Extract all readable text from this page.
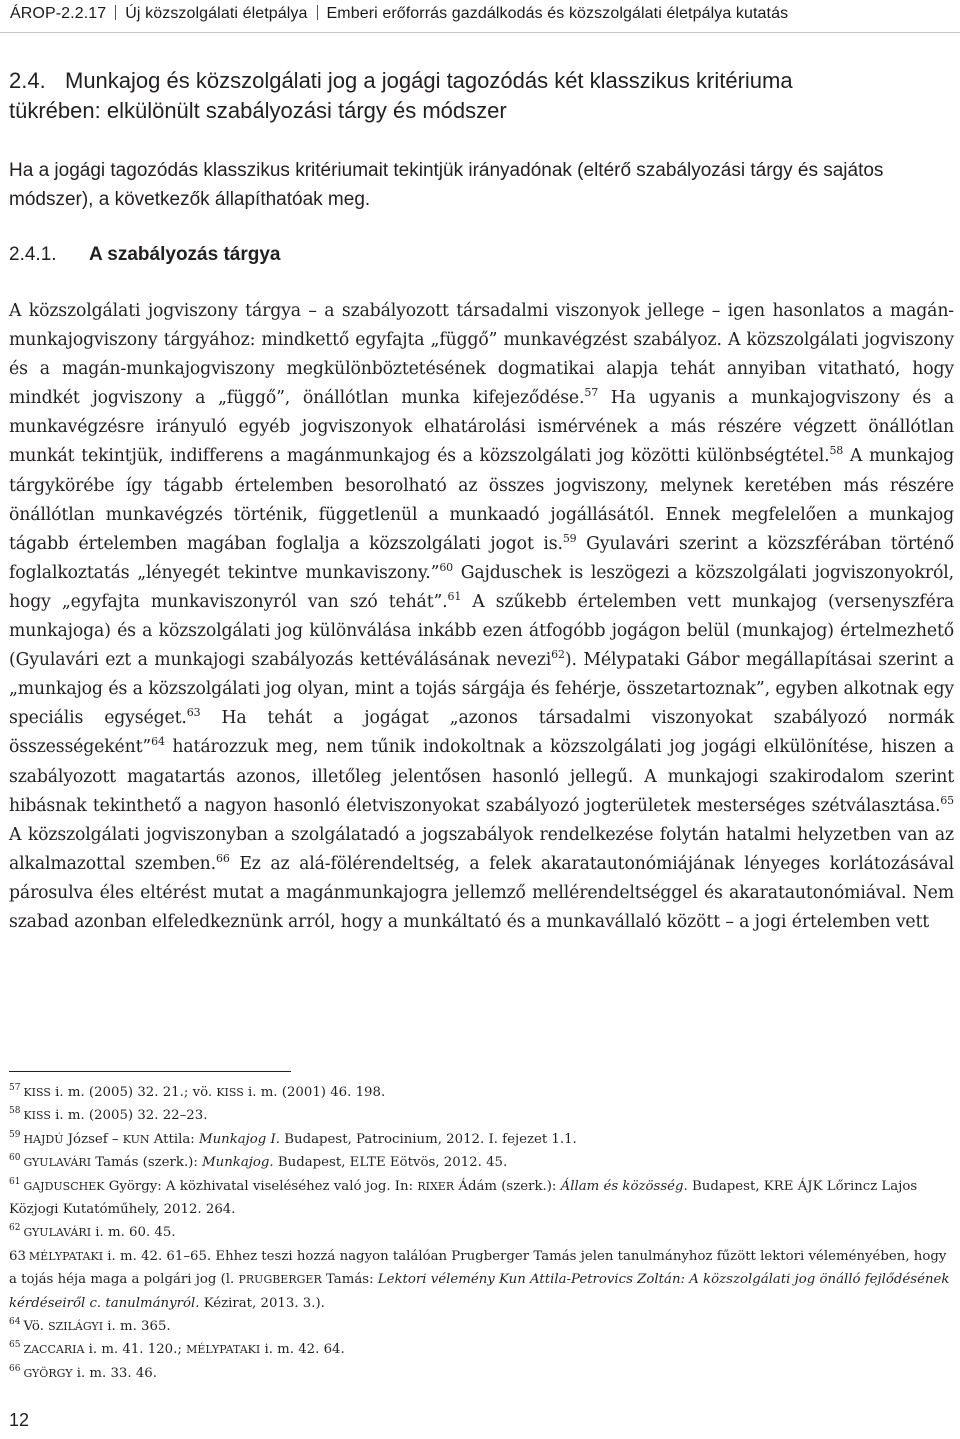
ÁROP-2.2.17 Új közszolgálati életpálya Emberi erőforrás gazdálkodás és közszolgálati életpálya kutatás
2.4. Munkajog és közszolgálati jog a jogági tagozódás két klasszikus kritériuma
tükrében: elkülönült szabályozási tárgy és módszer
Ha a jogági tagozódás klasszikus kritériumait tekintjük irányadónak (eltérő szabályozási tárgy és sajátos módszer), a következők állapíthatóak meg.
2.4.1. A szabályozás tárgya
A közszolgálati jogviszony tárgya – a szabályozott társadalmi viszonyok jellege – igen hasonlatos a magán-munkajogviszony tárgyához: mindkettő egyfajta „függő” munkavégzést szabályoz. A közszolgálati jogviszony és a magán-munkajogviszony megkülönböztetésének dogmatikai alapja tehát annyiban vitatható, hogy mindkét jogviszony a „függő”, önállótlan munka kifejeződése.$^{57}$ Ha ugyanis a munkajogviszony és a munkavégzésre irányuló egyéb jogviszonyok elhatárolási ismérvének a más részére végzett önállótlan munkát tekintjük, indifferens a magánmunkajog és a közszolgálati jog közötti különbségtétel.$^{58}$ A munkajog tárgykörébe így tágabb értelemben besorolható az összes jogviszony, melynek keretében más részére önállótlan munkavégzés történik, függetlenül a munkaadó jogállásától. Ennek megfelelően a munkajog tágabb értelemben magában foglalja a közszolgálati jogot is.$^{59}$ Gyulavári szerint a közszférában történő foglalkoztatás „lényegét tekintve munkaviszony.”$^{60}$ Gajduschek is leszögezi a közszolgálati jogviszonyokról, hogy „egyfajta munkaviszonyról van szó tehát”.$^{61}$ A szűkebb értelemben vett munkajog (versenyszféra munkajoga) és a közszolgálati jog különválása inkább ezen átfogóbb jogágon belül (munkajog) értelmezhető (Gyulavári ezt a munkajogi szabályozás kettéválásának nevezi$^{62}$). Mélypataki Gábor megállapításai szerint a „munkajog és a közszolgálati jog olyan, mint a tojás sárgája és fehérje, összetartoznak”, egyben alkotnak egy speciális egységet.$^{63}$ Ha tehát a jogágat „azonos társadalmi viszonyokat szabályozó normák összességeként”$^{64}$ határozzuk meg, nem tűnik indokoltnak a közszolgálati jog jogági elkülönítése, hiszen a szabályozott magatartás azonos, illetőleg jelentősen hasonló jellegű. A munkajogi szakirodalom szerint hibásnak tekinthető a nagyon hasonló életviszonyokat szabályozó jogterületek mesterséges szétválasztása.$^{65}$ A közszolgálati jogviszonyban a szolgálatadó a jogszabályok rendelkezése folytán hatalmi helyzetben van az alkalmazottal szemben.$^{66}$ Ez az alá-fölérendeltség, a felek akaratautonómiájának lényeges korlátozásával párosulva éles eltérést mutat a magánmunkajogra jellemző mellérendeltséggel és akaratautonómiával. Nem szabad azonban elfeledkeznünk arról, hogy a munkáltató és a munkavállaló között – a jogi értelemben vett

$^{57}$ KISS i. m. (2005) 32. 21.; vö. KISS i. m. (2001) 46. 198.

$^{58}$ KISS i. m. (2005) 32. 22–23.

$^{59}$ HAJDÚ József – KUN Attila: Munkajog I. Budapest, Patrocinium, 2012. I. fejezet 1.1.

$^{60}$ GYULAVÁRI Tamás (szerk.): Munkajog. Budapest, ELTE Eötvös, 2012. 45.

$^{61}$ GAJDUSCHEK György: A közhivatal viseléséhez való jog. In: RIXER Ádám (szerk.): Állam és közösség. Budapest, KRE ÁJK Lőrincz Lajos Közjogi Kutatóműhely, 2012. 264.

$^{62}$ GYULAVÁRI i. m. 60. 45.

63 MÉLYPATAKI i. m. 42. 61–65. Ehhez teszi hozzá nagyon találóan Prugberger Tamás jelen tanulmányhoz fűzött lektori véleményében, hogy a tojás héja maga a polgári jog (l. PRUGBERGER Tamás: Lektori vélemény Kun Attila-Petrovics Zoltán: A közszolgálati jog önálló fejlődésének kérdéseiről c. tanulmányról. Kézirat, 2013. 3.).

$^{64}$ Vö. SZILÁGYI i. m. 365.

$^{65}$ ZACCARIA i. m. 41. 120.; MÉLYPATAKI i. m. 42. 64.

$^{66}$ GYÖRGY i. m. 33. 46.

12
